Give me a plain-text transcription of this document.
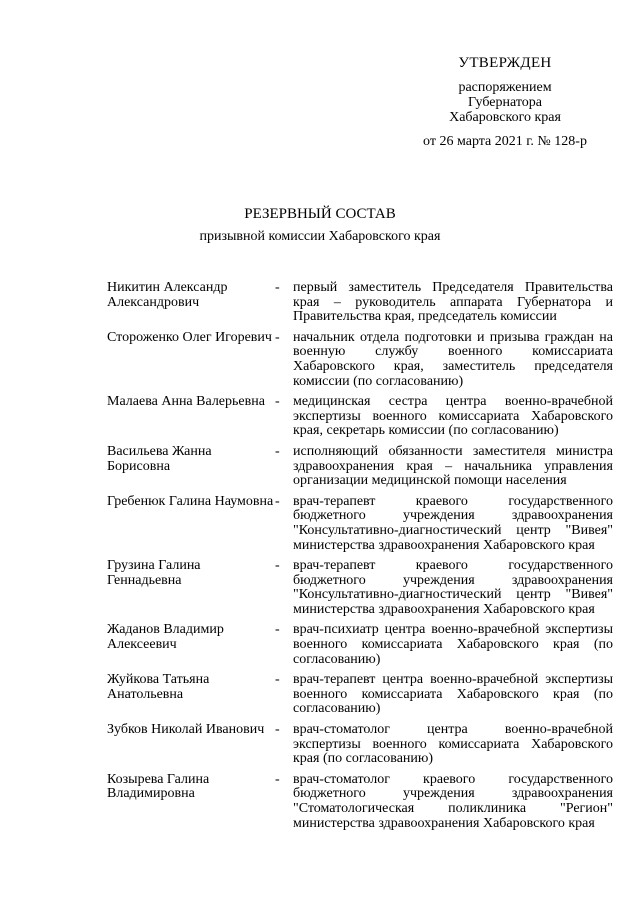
УТВЕРЖДЕН
распоряжением
Губернатора
Хабаровского края
от 26 марта 2021 г. № 128-р
РЕЗЕРВНЫЙ СОСТАВ
призывной комиссии Хабаровского края
Никитин Александр Александрович
- первый заместитель Председателя Правительства края – руководитель аппарата Губернатора и Правительства края, председатель комиссии
Стороженко Олег Игоревич - начальник отдела подготовки и призыва граждан на военную службу военного комиссариата Хабаровского края, заместитель председателя комиссии (по согласованию)
Малаева Анна Валерьевна - медицинская сестра центра военно-врачебной экспертизы военного комиссариата Хабаровского края, секретарь комиссии (по согласованию)
Васильева Жанна Борисовна
- исполняющий обязанности заместителя министра здравоохранения края – начальника управления организации медицинской помощи населения
Гребенюк Галина Наумовна - врач-терапевт краевого государственного бюджетного учреждения здравоохранения "Консультативно-диагностический центр "Вивея" министерства здравоохранения Хабаровского края
Грузина Галина Геннадьевна
- врач-терапевт краевого государственного бюджетного учреждения здравоохранения "Консультативно-диагностический центр "Вивея" министерства здравоохранения Хабаровского края
Жаданов Владимир Алексеевич
- врач-психиатр центра военно-врачебной экспертизы военного комиссариата Хабаровского края (по согласованию)
Жуйкова Татьяна Анатольевна
- врач-терапевт центра военно-врачебной экспертизы военного комиссариата Хабаровского края (по согласованию)
Зубков Николай Иванович - врач-стоматолог центра военно-врачебной экспертизы военного комиссариата Хабаровского края (по согласованию)
Козырева Галина Владимировна
- врач-стоматолог краевого государственного бюджетного учреждения здравоохранения "Стоматологическая поликлиника "Регион" министерства здравоохранения Хабаровского края
